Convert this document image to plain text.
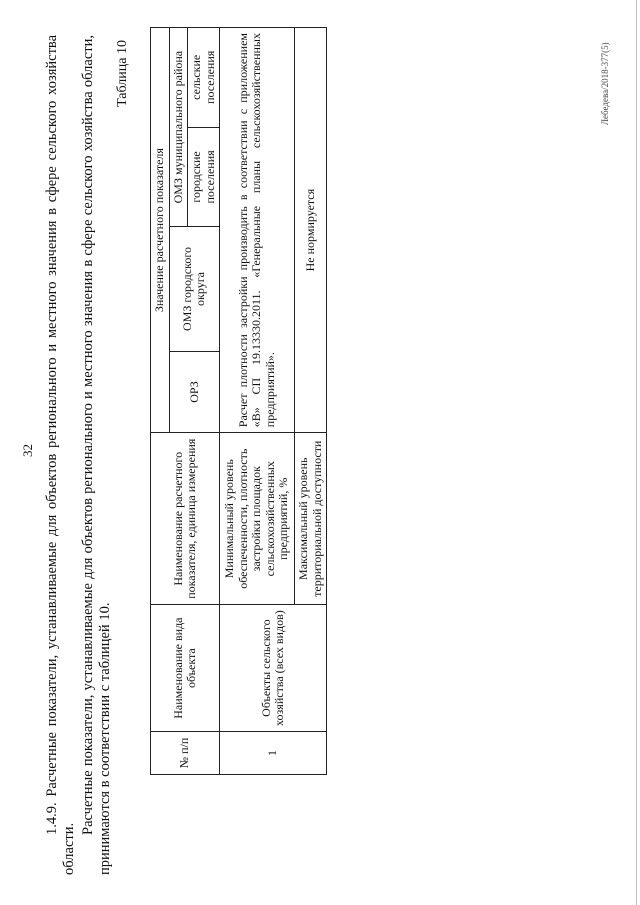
32 1.4.9. Расчетные показатели, устанавливаемые для объектов регионального и местного значения в сфере сельского хозяйства области.

Расчетные показатели, устанавливаемые для объектов регионального и местного значения в сфере сельского хозяйства области, принимаются в соответствии с таблицей 10.

Таблица 10
№ п/п	Наименование вида объекта	Наименование расчетного показателя, единица измерения	Значение расчетного показателя			
			ОРЗ	ОМЗ городского округа	ОМЗ муниципального района	
					городские поселения	сельские поселения
1	Объекты сельского хозяйства (всех видов)	Минимальный уровень обеспеченности, плотность застройки площадок сельскохозяйственных предприятий, %	Расчет плотности застройки производить в соответствии с приложением «В» СП 19.13330.2011. «Генеральные планы сельскохозяйственных предприятий».			
		Максимальный уровень территориальной доступности	Не нормируется			
Лебедева/2018-377(5)
